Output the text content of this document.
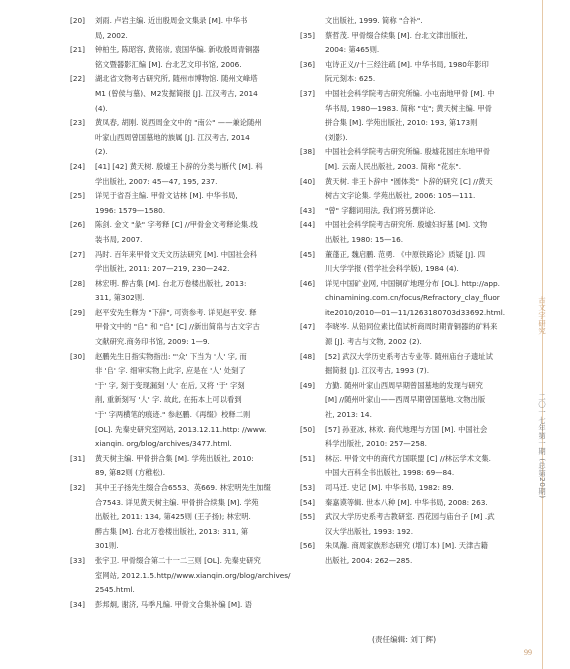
[20]	刘雨. 卢岩主编. 近出殷周金文集录 [M]. 中华书
局, 2002.
[21]	钟柏生, 陈昭容, 黄铭崇, 袁国华编. 新收殷周青铜器
铭文暨器影汇编 [M]. 台北艺文印书馆, 2006.
[22]	湖北省文物考古研究所, 随州市博物馆. 随州文峰塔
M1 (曾侯与墓)、M2发掘简报 [J]. 江汉考古, 2014
(4).
[23]	黄凤春, 胡刚. 说西周金文中的 "南公" ——兼论随州
叶家山西周曾国墓地的族属 [J]. 江汉考古, 2014
(2).
[24]	[41] [42] 黄天树. 殷墟王卜辞的分类与断代 [M]. 科
学出版社, 2007: 45—47, 195, 237.
[25]	详见于省吾主编. 甲骨文诂林 [M]. 中华书局,
1996: 1579—1580.
[26]	陈剑. 金文 "彖" 字考释 [C] //甲骨金文考释论集.线
装书局, 2007.
[27]	冯时. 百年来甲骨文天文历法研究 [M]. 中国社会科
学出版社, 2011: 207—219, 230—242.
[28]	林宏明. 醉古集 [M]. 台北万卷楼出版社, 2013:
311, 第302则.
[29]	赵平安先生释为 "下辞", 可资参考. 详见赵平安. 释
甲骨文中的 "𠂤" 和 "𠂤" [C] //新出简帛与古文字古
文献研究.商务印书馆, 2009: 1—9.
[30]	赵鹏先生日指实物指出: "'众' 下当为 '人' 字, 而
非 '𠂤' 字. 细审实物上此字, 应是在 '人' 处刻了
'于' 字, 刻于变现漏刻 '人' 在后, 又将 '于' 字刻
削, 重新刻写 '人' 字. 故此, 在拓本上可以看到
'于' 字两横笔的痕迹." 参赵鹏.《再缀》校释二则
[OL]. 先秦史研究室网站, 2013.12.11.http: //www.
xianqin. org/blog/archives/3477.html.
[31]	黄天树主编. 甲骨拼合集 [M]. 学苑出版社, 2010:
89, 第82则 (方稚松).
[32]	其中王子扬先生缀合合6553、英669. 林宏明先生加缀
合7543. 详见黄天树主编. 甲骨拼合续集 [M]. 学苑
出版社, 2011: 134, 第425则 (王子扬); 林宏明.
醉古集 [M]. 台北万卷楼出版社, 2013: 311, 第
301则.
[33]	张宇卫. 甲骨缀合第二十一二三则 [OL]. 先秦史研究
室网站, 2012.1.5.http//www.xianqin.org/blog/archives/
2545.html.
[34]	彭邦炯, 谢济, 马季凡编. 甲骨文合集补编 [M]. 语
文出版社, 1999. 简称 "合补".
[35]	蔡哲茂. 甲骨缀合续集 [M]. 台北文津出版社,
2004: 第465则.
[36]	屯诗正义//十三经注疏 [M]. 中华书局, 1980年影印
阮元刻本: 625.
[37]	中国社会科学院考古研究所编. 小屯南地甲骨 [M]. 中
华书局, 1980—1983. 简称 "屯"; 黄天树主编. 甲骨
拼合集 [M]. 学苑出版社, 2010: 193, 第173则
(刘影).
[38]	中国社会科学院考古研究所编. 殷墟花园庄东地甲骨
[M]. 云南人民出版社, 2003. 简称 "花东".
[40]	黄天树. 非王卜辞中 "圆体类" 卜辞的研究 [C] //黄天
树古文字论集. 学苑出版社, 2006: 105—111.
[43]	"曾" 字翻词用法, 我们将另撰详论.
[44]	中国社会科学院考古研究所. 殷墟妇好墓 [M]. 文物
出版社, 1980: 15—16.
[45]	董蓬正, 魏启鹏. 范勇. 《中原铁路论》质疑 [J]. 四
川大学学报 (哲学社会科学版), 1984 (4).
[46]	详见中国矿业网, 中国铜矿地理分布 [OL]. http://app.
chinamining.com.cn/focus/Refractory_clay_fluor
ite2010/2010—01—11/1263180703d33692.html.
[47]	李晓岑. 从铅同位素比值试析商周时期青铜器的矿料来
源 [J]. 考古与文物, 2002 (2).
[48]	[52] 武汉大学历史系考古专业等. 随州庙台子遗址试
掘简报 [J]. 江汉考古, 1993 (7).
[49]	方勤. 随州叶家山西周早期曾国墓地的发现与研究
[M] //随州叶家山——西周早期曾国墓地.文物出版
社, 2013: 14.
[50]	[57] 孙亚冰, 林欢. 商代地理与方国 [M]. 中国社会
科学出版社, 2010: 257—258.
[51]	林沄. 甲骨文中的商代方国联盟 [C] //林沄学术文集.
中国大百科全书出版社, 1998: 69—84.
[53]	司马迁. 史记 [M]. 中华书局, 1982: 89.
[54]	秦嘉谟等辑. 世本八种 [M]. 中华书局, 2008: 263.
[55]	武汉大学历史系考古教研室. 西花园与庙台子 [M] .武
汉大学出版社, 1993: 192.
[56]	朱凤瀚. 商周家族形态研究 (增订本) [M]. 天津古籍
出版社, 2004: 262—285.
(责任编辑: 刘丁辉)
古文字研究
二〇一七年第一期 (总第20期)
99
